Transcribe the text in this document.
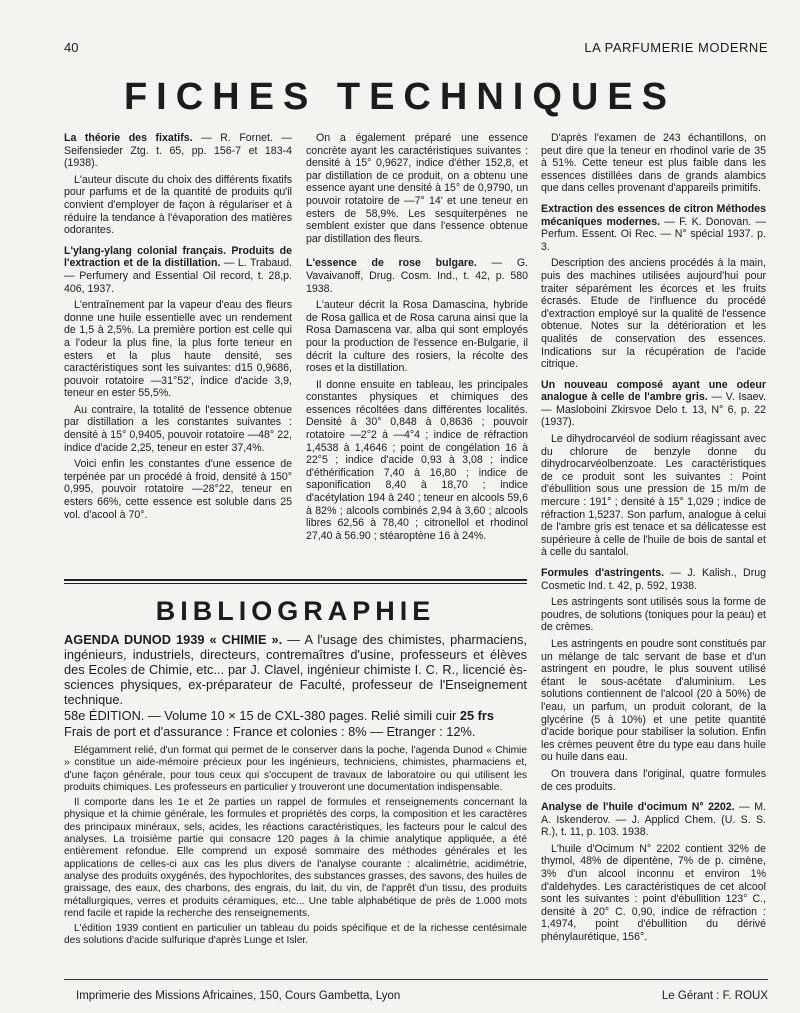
40	LA PARFUMERIE MODERNE
FICHES TECHNIQUES
La théorie des fixatifs. — R. Fornet. — Seifensieder Ztg. t. 65, pp. 156-7 et 183-4 (1938).
L'auteur discute du choix des différents fixatifs pour parfums et de la quantité de produits qu'il convient d'employer de façon à régulariser et à réduire la tendance à l'évaporation des matières odorantes.
L'ylang-ylang colonial français. Produits de l'extraction et de la distillation. — L. Trabaud. — Perfumery and Essential Oil record, t. 28,p. 406, 1937.
L'entraînement par la vapeur d'eau des fleurs donne une huile essentielle avec un rendement de 1,5 à 2,5%. La première portion est celle qui a l'odeur la plus fine, la plus forte teneur en esters et la plus haute densité, ses caractéristiques sont les suivantes: d15 0,9686, pouvoir rotatoire —31°52', indice d'acide 3,9, teneur en ester 55,5%.
Au contraire, la totalité de l'essence obtenue par distillation a les constantes suivantes : densité à 15° 0,9405, pouvoir rotatoire —48° 22, indice d'acide 2,25, teneur en ester 37,4%.
Voici enfin les constantes d'une essence de terpénée par un procédé à froid, densité à 150° 0,995, pouvoir rotatoire —28°22, teneur en esters 66%, cette essence est soluble dans 25 vol. d'acool à 70°.
On a également préparé une essence concrète ayant les caractéristiques suivantes : densité à 15° 0,9627, indice d'éther 152,8, et par distillation de ce produit, on a obtenu une essence ayant une densité à 15° de 0,9790, un pouvoir rotatoire de —7° 14' et une teneur en esters de 58,9%. Les sesquiterpènes ne semblent exister que dans l'essence obtenue par distillation des fleurs.
L'essence de rose bulgare. — G. Vavaivanoff, Drug. Cosm. Ind., t. 42, p. 580 1938.
L'auteur décrit la Rosa Damascina, hybride de Rosa gallica et de Rosa caruna ainsi que la Rosa Damascena var. alba qui sont employés pour la production de l'essence en-Bulgarie, il décrit la culture des rosiers, la récolte des roses et la distillation.
Il donne ensuite en tableau, les principales constantes physiques et chimiques des essences récoltées dans différentes localités. Densité à 30° 0,848 à 0,8636 ; pouvoir rotatoire —2°2 à —4°4 ; indice de réfraction 1,4538 à 1,4646 ; point de congélation 16 à 22°5 ; indice d'acide 0,93 à 3,08 ; indice d'éthérification 7,40 à 16,80 ; indice de saponification 8,40 à 18,70 ; indice d'acétylation 194 à 240 ; teneur en alcools 59,6 à 82% ; alcools combinés 2,94 à 3,60 ; alcools libres 62,56 à 78,40 ; citronellol et rhodinol 27,40 à 56.90 ; stéaroptène 16 à 24%.
D'après l'examen de 243 échantillons, on peut dire que la teneur en rhodinol varie de 35 à 51%. Cette teneur est plus faible dans les essences distillées dans de grands alambics que dans celles provenant d'appareils primitifs.
Extraction des essences de citron Méthodes mécaniques modernes. — F. K. Donovan. — Perfum. Essent. Oi Rec. — N° spécial 1937. p. 3.
Description des anciens procédés à la main, puis des machines utilisées aujourd'hui pour traiter séparément les écorces et les fruits écrasés. Etude de l'influence du procédé d'extraction employé sur la qualité de l'essence obtenue. Notes sur la détérioration et les qualités de conservation des essences. Indications sur la récupération de l'acide citrique.
Un nouveau composé ayant une odeur analogue à celle de l'ambre gris. — V. Isaev. — Masloboini Zkirsvoe Delo t. 13, N° 6, p. 22 (1937).
Le dihydrocarvéol de sodium réagissant avec du chlorure de benzyle donne du dihydrocarvéolbenzoate. Les caractéristiques de ce produit sont les suivantes : Point d'ébullition sous une pression de 15 m/m de mercure : 191° ; densité à 15° 1,029 ; indice de réfraction 1,5237. Son parfum, analogue à celui de l'ambre gris est tenace et sa délicatesse est supérieure à celle de l'huile de bois de santal et à celle du santalol.
Formules d'astringents. — J. Kalish., Drug Cosmetic Ind. t. 42, p. 592, 1938.
Les astringents sont utilisés sous la forme de poudres, de solutions (toniques pour la peau) et de crèmes.
Les astringents en poudre sont constitués par un mélange de talc servant de base et d'un astringent en poudre, le plus souvent utilisé étant le sous-acétate d'aluminium. Les solutions contiennent de l'alcool (20 à 50%) de l'eau, un parfum, un produit colorant, de la glycérine (5 à 10%) et une petite quantité d'acide borique pour stabiliser la solution. Enfin les crèmes peuvent être du type eau dans huile ou huile dans eau.
On trouvera dans l'original, quatre formules de ces produits.
Analyse de l'huile d'ocimum N° 2202. — M. A. Iskenderov. — J. Applicd Chem. (U. S. S. R.), t. 11, p. 103. 1938.
L'huile d'Ocimum N° 2202 contient 32% de thymol, 48% de dipentène, 7% de p. cimène, 3% d'un alcool inconnu et environ 1% d'aldehydes. Les caractéristiques de cet alcool sont les suivantes : point d'ébullition 123° C., densité à 20° C. 0,90, indice de réfraction : 1,4974, point d'ébullition du dérivé phénylaurétique, 156°.
BIBLIOGRAPHIE
AGENDA DUNOD 1939 « CHIMIE ». — A l'usage des chimistes, pharmaciens, ingénieurs, industriels, directeurs, contremaîtres d'usine, professeurs et élèves des Ecoles de Chimie, etc... par J. Clavel, ingénieur chimiste I. C. R., licencié ès-sciences physiques, ex-préparateur de Faculté, professeur de l'Enseignement technique.
58e ÉDITION. — Volume 10 × 15 de CXL-380 pages. Relié simili cuir 25 frs
Frais de port et d'assurance : France et colonies : 8% — Etranger : 12%.
Elégamment relié, d'un format qui permet de le conserver dans la poche, l'agenda Dunod « Chimie » constitue un aide-mémoire précieux pour les ingénieurs, techniciens, chimistes, pharmaciens et, d'une façon générale, pour tous ceux qui s'occupent de travaux de laboratoire ou qui utilisent les produits chimiques. Les professeurs en particulier y trouveront une documentation indispensable.
Il comporte dans les 1e et 2e parties un rappel de formules et renseignements concernant la physique et la chimie générale, les formules et propriétés des corps, la composition et les caractères des principaux minéraux, sels, acides, les réactions caractéristiques, les facteurs pour le calcul des analyses. La troisième partie qui consacre 120 pages à la chimie analytique appliquée, a été entièrement refondue. Elle comprend un exposé sommaire des méthodes générales et les applications de celles-ci aux cas les plus divers de l'analyse courante : alcalimétrie, acidimétrie, analyse des produits oxygénés, des hypochlorites, des substances grasses, des savons, des huiles de graissage, des eaux, des charbons, des engrais, du lait, du vin, de l'apprêt d'un tissu, des produits métallurgiques, verres et produits céramiques, etc... Une table alphabétique de près de 1.000 mots rend facile et rapide la recherche des renseignements.
L'édition 1939 contient en particulier un tableau du poids spécifique et de la richesse centésimale des solutions d'acide sulfurique d'après Lunge et Isler.
Imprimerie des Missions Africaines, 150, Cours Gambetta, Lyon	Le Gérant : F. ROUX
